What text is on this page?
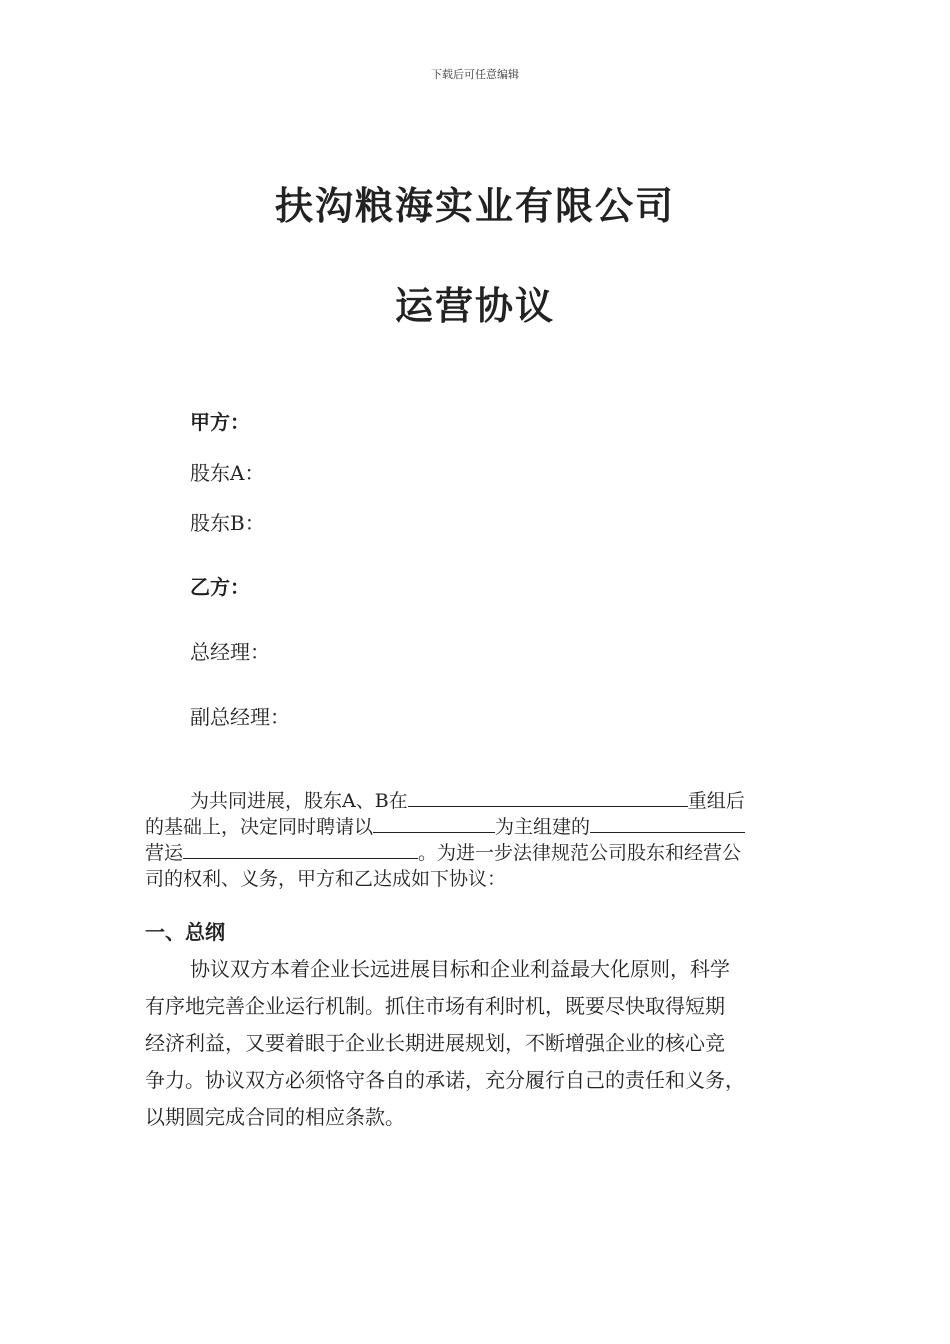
下载后可任意编辑
扶沟粮海实业有限公司
运营协议
甲方：
股东A：
股东B：
乙方：
总经理：
副总经理：
为共同进展，股东A、B在	重组后
的基础上，决定同时聘请以	为主组建的
营运	。为进一步法律规范公司股东和经营公
司的权利、义务，甲方和乙达成如下协议：
一、总纲
协议双方本着企业长远进展目标和企业利益最大化原则，科学
有序地完善企业运行机制。抓住市场有利时机，既要尽快取得短期
经济利益，又要着眼于企业长期进展规划，不断增强企业的核心竞
争力。协议双方必须恪守各自的承诺，充分履行自己的责任和义务，
以期圆完成合同的相应条款。
